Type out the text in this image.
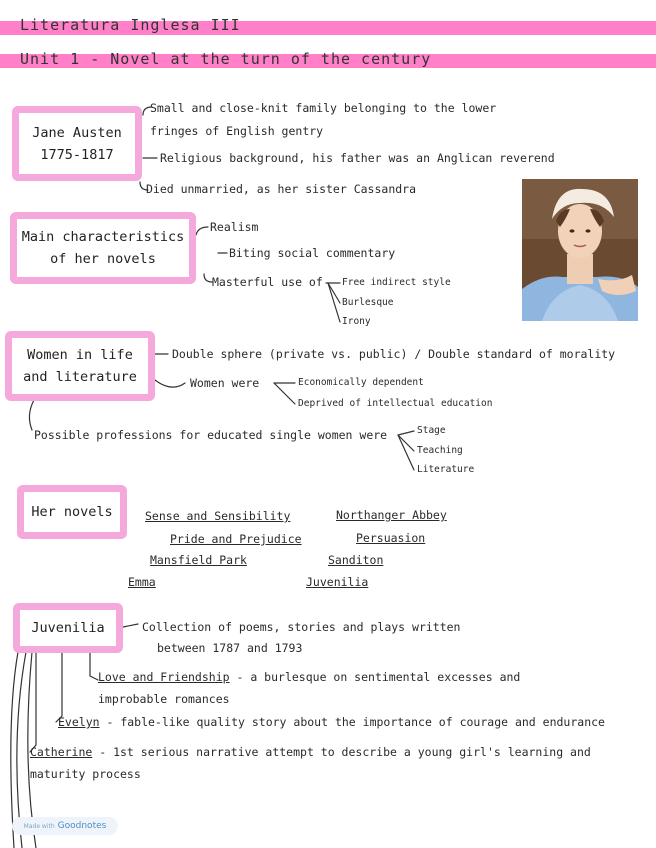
Literatura Inglesa III
Unit 1 - Novel at the turn of the century
Jane Austen
1775-1817
Small and close-knit family belonging to the lower
fringes of English gentry
Religious background, his father was an Anglican reverend
Died unmarried, as her sister Cassandra
Main characteristics
of her novels
Realism
Biting social commentary
Masterful use of Free indirect style
Burlesque
Irony
Women in life
and literature
Double sphere (private vs. public) / Double standard of morality
Women were	Economically dependent
Deprived of intellectual education
Possible professions for educated single women were	Stage
Teaching
Literature
Her novels	Sense and Sensibility
Pride and Prejudice
Mansfield Park
Emma
Northanger Abbey
Persuasion
Sanditon
Juvenilia
Juvenilia	Collection of poems, stories and plays written
between 1787 and 1793
Love and Friendship - a burlesque on sentimental excesses and
improbable romances
Evelyn - fable-like quality story about the importance of courage and endurance
Catherine - 1st serious narrative attempt to describe a young girl's learning and
maturity process
Made with Goodnotes
